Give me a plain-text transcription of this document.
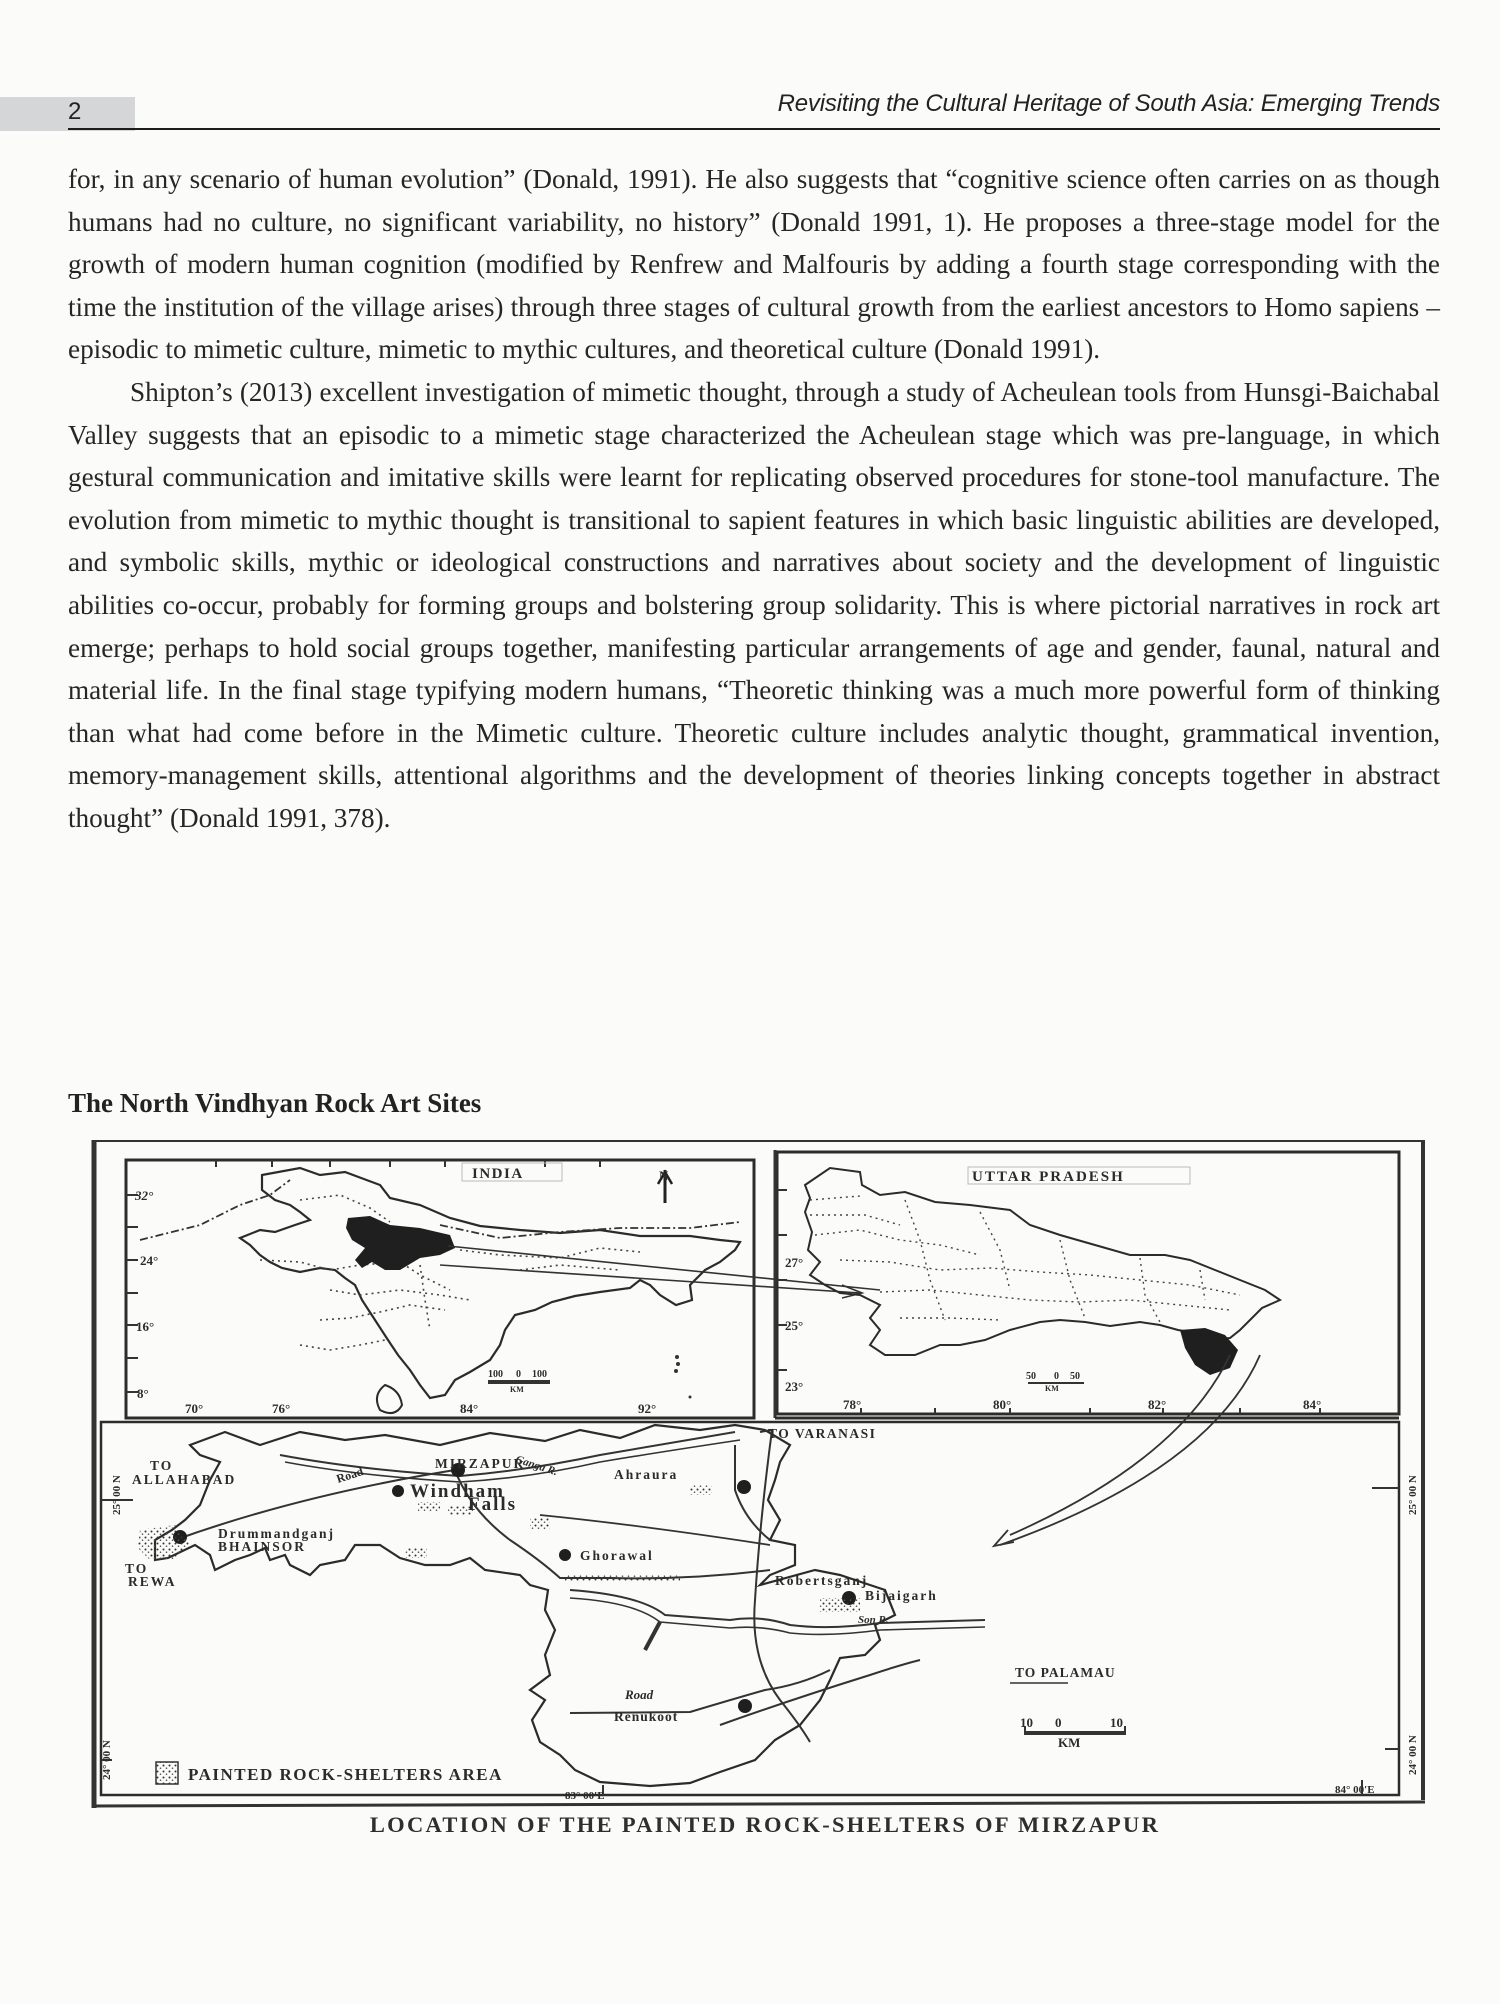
2	Revisiting the Cultural Heritage of South Asia: Emerging Trends

for, in any scenario of human evolution” (Donald, 1991). He also suggests that “cognitive science often carries on as though humans had no culture, no significant variability, no history” (Donald 1991, 1). He proposes a three-stage model for the growth of modern human cognition (modified by Renfrew and Malfouris by adding a fourth stage corresponding with the time the institution of the village arises) through three stages of cultural growth from the earliest ancestors to Homo sapiens – episodic to mimetic culture, mimetic to mythic cultures, and theoretical culture (Donald 1991).

Shipton’s (2013) excellent investigation of mimetic thought, through a study of Acheulean tools from Hunsgi-Baichabal Valley suggests that an episodic to a mimetic stage characterized the Acheulean stage which was pre-language, in which gestural communication and imitative skills were learnt for replicating observed procedures for stone-tool manufacture. The evolution from mimetic to mythic thought is transitional to sapient features in which basic linguistic abilities are developed, and symbolic skills, mythic or ideological constructions and narratives about society and the development of linguistic abilities co-occur, probably for forming groups and bolstering group solidarity. This is where pictorial narratives in rock art emerge; perhaps to hold social groups together, manifesting particular arrangements of age and gender, faunal, natural and material life. In the final stage typifying modern humans, “Theoretic thinking was a much more powerful form of thinking than what had come before in the Mimetic culture. Theoretic culture includes analytic thought, grammatical invention, memory-management skills, attentional algorithms and the development of theories linking concepts together in abstract thought” (Donald 1991, 378).

The North Vindhyan Rock Art Sites
32°
24°
16°
8°
70°	76°	84°	92°
INDIA	N
100 0 100
KM
27°
25°
23°
78°	80°	82°	84°
UTTAR PRADESH
50 0 50
KM
TO
ALLAHABAD
MIRZAPUR
TO VARANASI
Ahraura
Drummandganj
BHAINSOR
TO
REWA
Ghorawal
Robertsganj
Bijaigarh
TO PALAMAU
Renukoot
Windham
Falls
Road	Ganga R.
Son R.
Road
25° 00 N	25° 00 N
24° 00 N	24° 00 N
83° 00′E	84° 00′E
10 0	10
KM
PAINTED ROCK-SHELTERS AREA
LOCATION OF THE PAINTED ROCK-SHELTERS OF MIRZAPUR
